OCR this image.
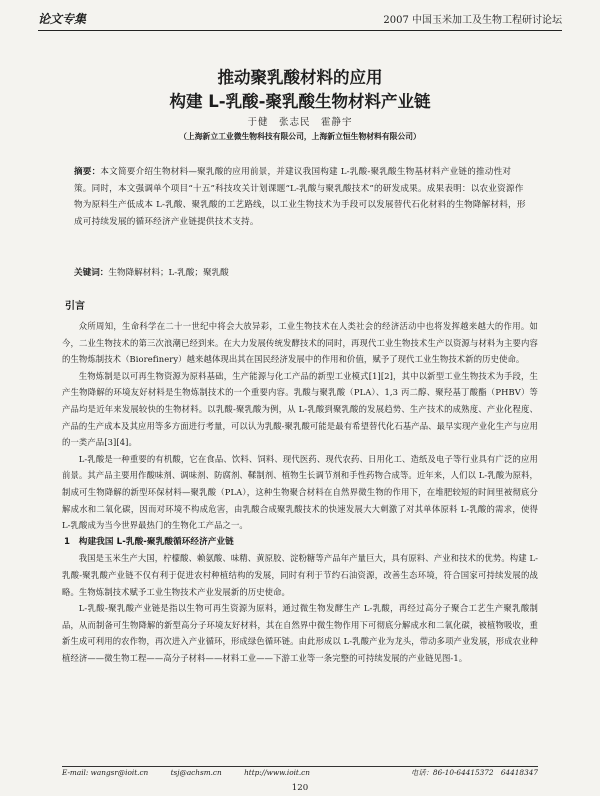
论文专集	2007 中国玉米加工及生物工程研讨论坛
推动聚乳酸材料的应用
构建 L-乳酸-聚乳酸生物材料产业链
于健　张志民　霍静宇
（上海新立工业微生物科技有限公司，上海新立恒生物材料有限公司）
摘要：本文简要介绍生物材料—聚乳酸的应用前景，并建议我国构建 L-乳酸-聚乳酸生物基材料产业链的推动性对策。同时，本文强调单个项目“十五”科技攻关计划课题“L-乳酸与聚乳酸技术”的研发成果。成果表明：以农业资源作物为原料生产低成本 L-乳酸、聚乳酸的工艺路线，以工业生物技术为手段可以发展替代石化材料的生物降解材料，形成可持续发展的循环经济产业链提供技术支持。
关键词：生物降解材料；L-乳酸；聚乳酸
引言

众所周知，生命科学在二十一世纪中将会大放异彩，工业生物技术在人类社会的经济活动中也将发挥越来越大的作用。如今，二业生物技术的第三次浪潮已经到来。在大力发展传统发酵技术的同时，再现代工业生物技术生产以资源与材料为主要内容的生物炼制技术（Biorefinery）越来越体现出其在国民经济发展中的作用和价值，赋予了现代工业生物技术新的历史使命。

生物炼制是以可再生物资源为原料基础，生产能源与化工产品的新型工业模式[1][2]，其中以新型工业生物技术为手段，生产生物降解的环境友好材料是生物炼制技术的一个重要内容。乳酸与聚乳酸（PLA）、1,3 丙二醇、聚羟基丁酸酯（PHBV）等产品均是近年来发展较快的生物材料。以乳酸-聚乳酸为例，从 L-乳酸到聚乳酸的发展趋势、生产技术的成熟度、产业化程度、产品的生产成本及其应用等多方面进行考量，可以认为乳酸-聚乳酸可能是最有希望替代化石基产品、最早实现产业化生产与应用的一类产品[3][4]。

L-乳酸是一种重要的有机酸，它在食品、饮料、饲料、现代医药、现代农药、日用化工、造纸及电子等行业具有广泛的应用前景。其产品主要用作酸味剂、调味剂、防腐剂、鞣制剂、植物生长调节剂和手性药物合成等。近年来，人们以 L-乳酸为原料，制成可生物降解的新型环保材料—聚乳酸（PLA），这种生物聚合材料在自然界微生物的作用下，在堆肥较短的时间里被彻底分解成水和二氧化碳，因而对环境不构成危害，由乳酸合成聚乳酸技术的快速发展大大刺激了对其单体原料 L-乳酸的需求，使得 L-乳酸成为当今世界最热门的生物化工产品之一。

1　构建我国 L-乳酸-聚乳酸循环经济产业链

我国是玉米生产大国，柠檬酸、赖氨酸、味精、黄原胶、淀粉糖等产品年产量巨大，具有原料、产业和技术的优势。构建 L-乳酸-聚乳酸产业链不仅有利于促进农村种植结构的发展，同时有利于节约石油资源，改善生态环境，符合国家可持续发展的战略。生物炼制技术赋予工业生物技术产业发展新的历史使命。

L-乳酸-聚乳酸产业链是指以生物可再生资源为原料，通过微生物发酵生产 L-乳酸，再经过高分子聚合工艺生产聚乳酸制品，从而制备可生物降解的新型高分子环境友好材料，其在自然界中微生物作用下可彻底分解成水和二氧化碳，被植物吸收，重新生成可利用的农作物，再次进入产业循环，形成绿色循环链。由此形成以 L-乳酸产业为龙头，带动多项产业发展，形成农业种植经济——微生物工程——高分子材料——材料工业——下游工业等一条完整的可持续发展的产业链见图-1。

E-mail: wangsr@ioit.cn	tsj@achsm.cn	http://www.ioit.cn	电话：86-10-64415372　64418347
120
